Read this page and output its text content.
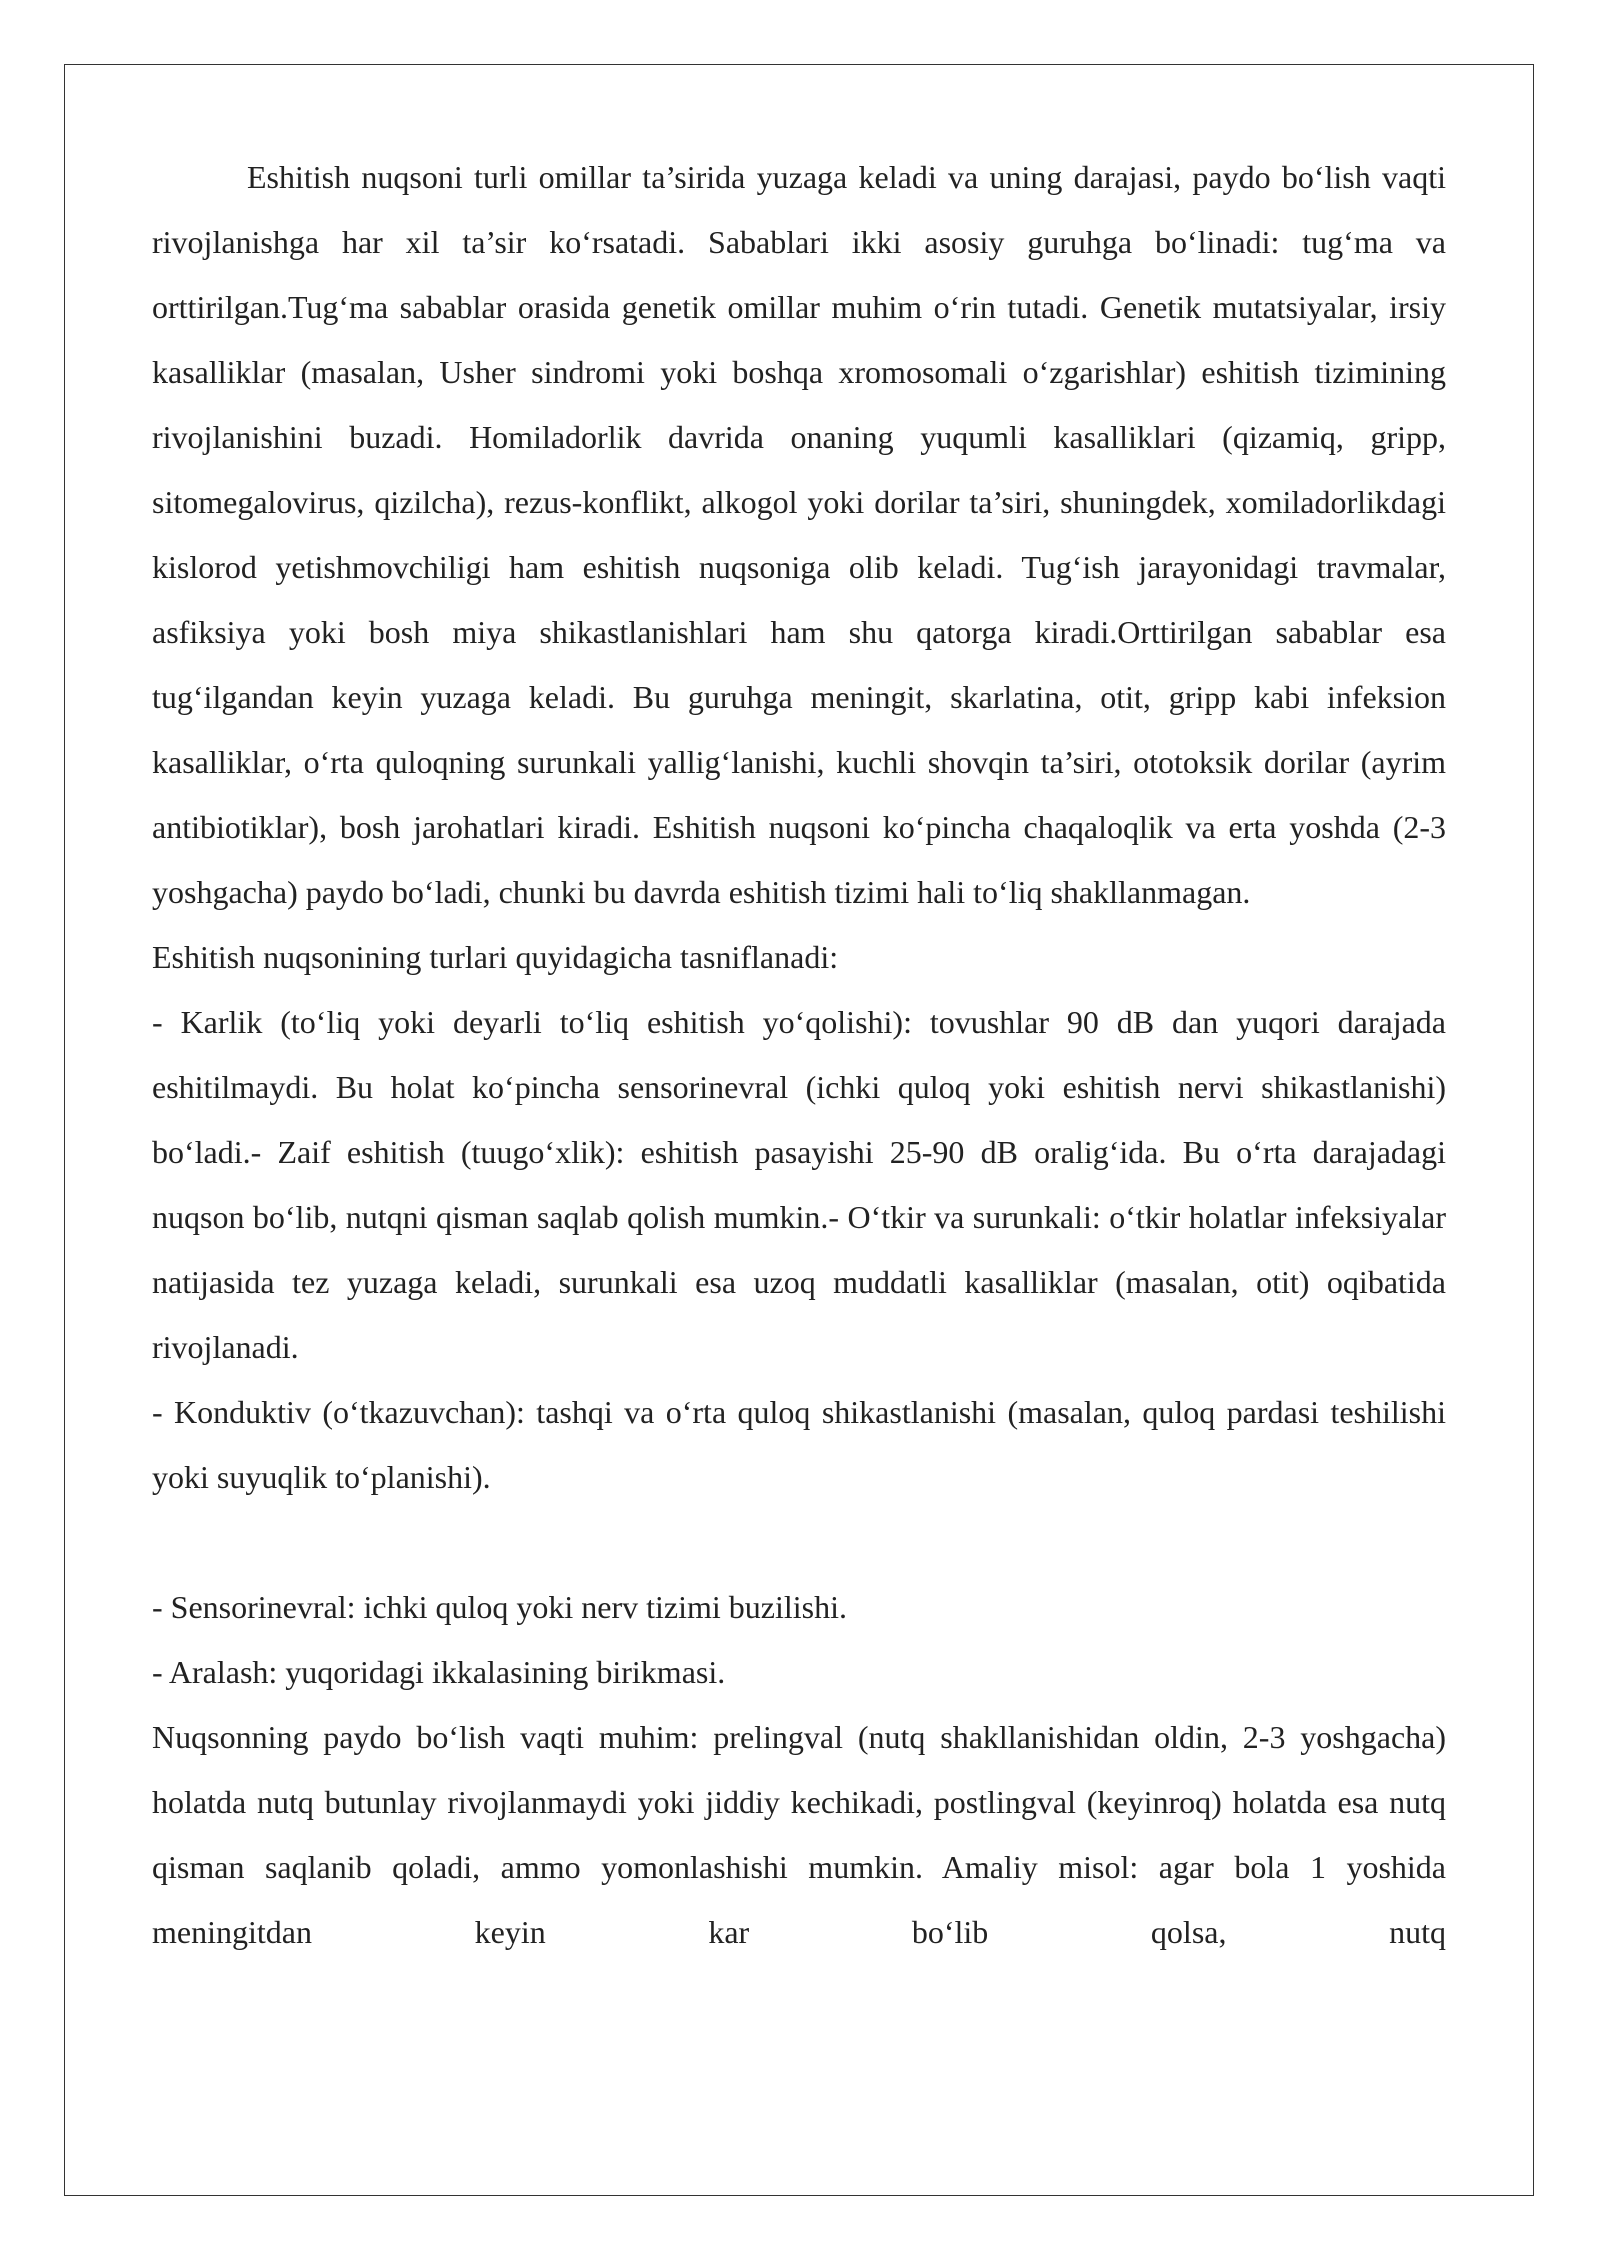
Eshitish nuqsoni turli omillar ta’sirida yuzaga keladi va uning darajasi, paydo bo‘lish vaqti rivojlanishga har xil ta’sir ko‘rsatadi. Sabablari ikki asosiy guruhga bo‘linadi: tug‘ma va orttirilgan.Tug‘ma sabablar orasida genetik omillar muhim o‘rin tutadi. Genetik mutatsiyalar, irsiy kasalliklar (masalan, Usher sindromi yoki boshqa xromosomali o‘zgarishlar) eshitish tizimining rivojlanishini buzadi. Homiladorlik davrida onaning yuqumli kasalliklari (qizamiq, gripp, sitomegalovirus, qizilcha), rezus-konflikt, alkogol yoki dorilar ta’siri, shuningdek, xomiladorlikdagi kislorod yetishmovchiligi ham eshitish nuqsoniga olib keladi. Tug‘ish jarayonidagi travmalar, asfiksiya yoki bosh miya shikastlanishlari ham shu qatorga kiradi.Orttirilgan sabablar esa tug‘ilgandan keyin yuzaga keladi. Bu guruhga meningit, skarlatina, otit, gripp kabi infeksion kasalliklar, o‘rta quloqning surunkali yallig‘lanishi, kuchli shovqin ta’siri, ototoksik dorilar (ayrim antibiotiklar), bosh jarohatlari kiradi. Eshitish nuqsoni ko‘pincha chaqaloqlik va erta yoshda (2-3 yoshgacha) paydo bo‘ladi, chunki bu davrda eshitish tizimi hali to‘liq shakllanmagan.

Eshitish nuqsonining turlari quyidagicha tasniflanadi:

- Karlik (to‘liq yoki deyarli to‘liq eshitish yo‘qolishi): tovushlar 90 dB dan yuqori darajada eshitilmaydi. Bu holat ko‘pincha sensorinevral (ichki quloq yoki eshitish nervi shikastlanishi) bo‘ladi.- Zaif eshitish (tuugo‘xlik): eshitish pasayishi 25-90 dB oralig‘ida. Bu o‘rta darajadagi nuqson bo‘lib, nutqni qisman saqlab qolish mumkin.- O‘tkir va surunkali: o‘tkir holatlar infeksiyalar natijasida tez yuzaga keladi, surunkali esa uzoq muddatli kasalliklar (masalan, otit) oqibatida rivojlanadi.

- Konduktiv (o‘tkazuvchan): tashqi va o‘rta quloq shikastlanishi (masalan, quloq pardasi teshilishi yoki suyuqlik to‘planishi).

- Sensorinevral: ichki quloq yoki nerv tizimi buzilishi.

- Aralash: yuqoridagi ikkalasining birikmasi.

Nuqsonning paydo bo‘lish vaqti muhim: prelingval (nutq shakllanishidan oldin, 2-3 yoshgacha) holatda nutq butunlay rivojlanmaydi yoki jiddiy kechikadi, postlingval (keyinroq) holatda esa nutq qisman saqlanib qoladi, ammo yomonlashishi mumkin. Amaliy misol: agar bola 1 yoshida meningitdan keyin kar bo‘lib qolsa, nutq
